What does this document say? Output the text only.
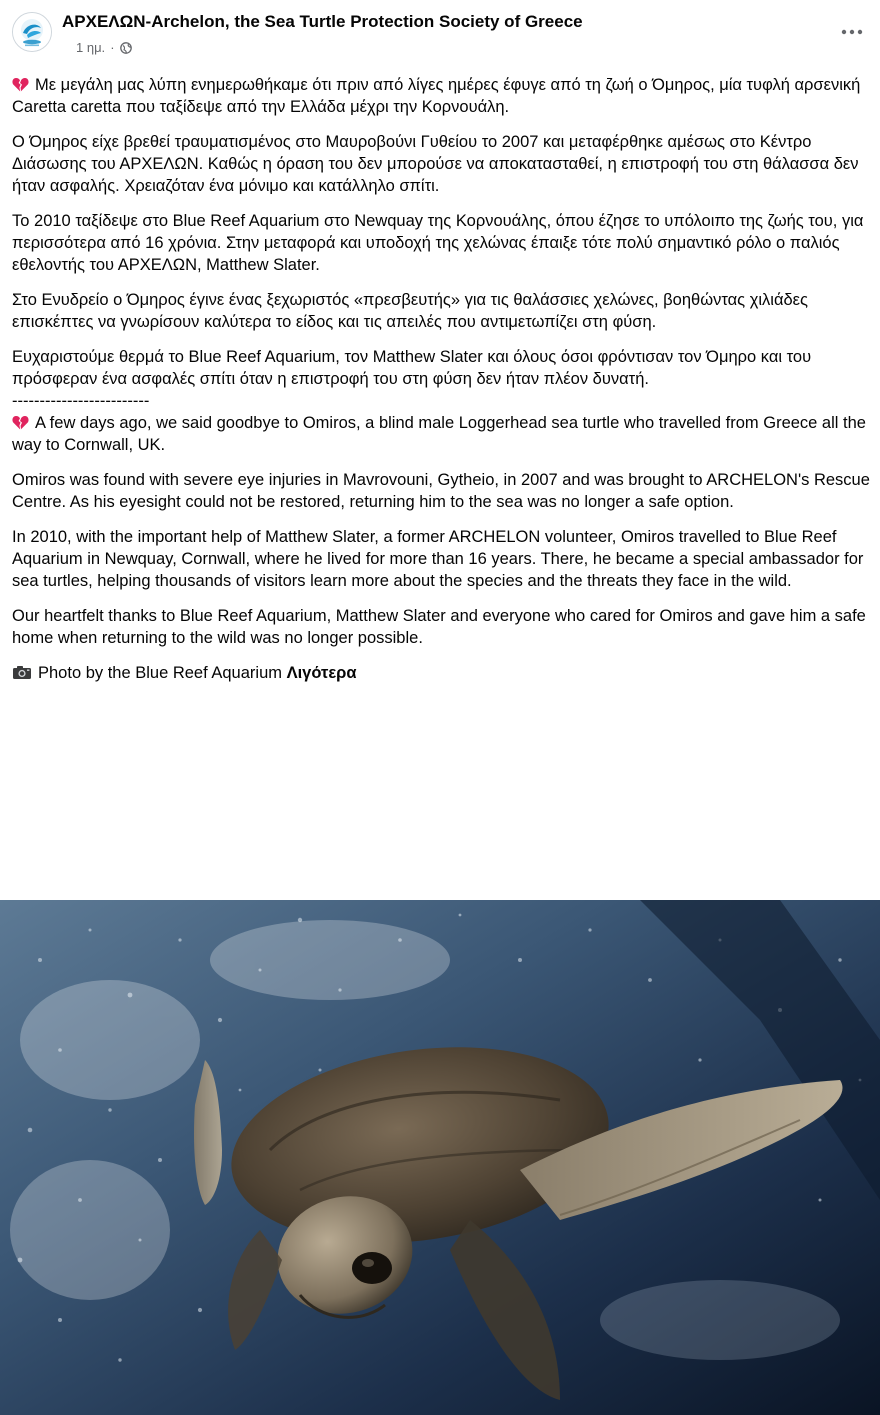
ΑΡΧΕΛΩΝ-Archelon, the Sea Turtle Protection Society of Greece
1 ημ. ·

Με μεγάλη μας λύπη ενημερωθήκαμε ότι πριν από λίγες ημέρες έφυγε από τη ζωή ο Όμηρος, μία τυφλή αρσενική Caretta caretta που ταξίδεψε από την Ελλάδα μέχρι την Κορνουάλη.

Ο Όμηρος είχε βρεθεί τραυματισμένος στο Μαυροβούνι Γυθείου το 2007 και μεταφέρθηκε αμέσως στο Κέντρο Διάσωσης του ΑΡΧΕΛΩΝ. Καθώς η όραση του δεν μπορούσε να αποκατασταθεί, η επιστροφή του στη θάλασσα δεν ήταν ασφαλής. Χρειαζόταν ένα μόνιμο και κατάλληλο σπίτι.

Το 2010 ταξίδεψε στο Blue Reef Aquarium στο Newquay της Κορνουάλης, όπου έζησε το υπόλοιπο της ζωής του, για περισσότερα από 16 χρόνια. Στην μεταφορά και υποδοχή της χελώνας έπαιξε τότε πολύ σημαντικό ρόλο ο παλιός εθελοντής του ΑΡΧΕΛΩΝ, Matthew Slater.

Στο Ενυδρείο ο Όμηρος έγινε ένας ξεχωριστός «πρεσβευτής» για τις θαλάσσιες χελώνες, βοηθώντας χιλιάδες επισκέπτες να γνωρίσουν καλύτερα το είδος και τις απειλές που αντιμετωπίζει στη φύση.

Ευχαριστούμε θερμά το Blue Reef Aquarium, τον Matthew Slater και όλους όσοι φρόντισαν τον Όμηρο και του πρόσφεραν ένα ασφαλές σπίτι όταν η επιστροφή του στη φύση δεν ήταν πλέον δυνατή.

-------------------------

A few days ago, we said goodbye to Omiros, a blind male Loggerhead sea turtle who travelled from Greece all the way to Cornwall, UK.

Omiros was found with severe eye injuries in Mavrovouni, Gytheio, in 2007 and was brought to ARCHELON's Rescue Centre. As his eyesight could not be restored, returning him to the sea was no longer a safe option.

In 2010, with the important help of Matthew Slater, a former ARCHELON volunteer, Omiros travelled to Blue Reef Aquarium in Newquay, Cornwall, where he lived for more than 16 years. There, he became a special ambassador for sea turtles, helping thousands of visitors learn more about the species and the threats they face in the wild.

Our heartfelt thanks to Blue Reef Aquarium, Matthew Slater and everyone who cared for Omiros and gave him a safe home when returning to the wild was no longer possible.

Photo by the Blue Reef Aquarium Λιγότερα
